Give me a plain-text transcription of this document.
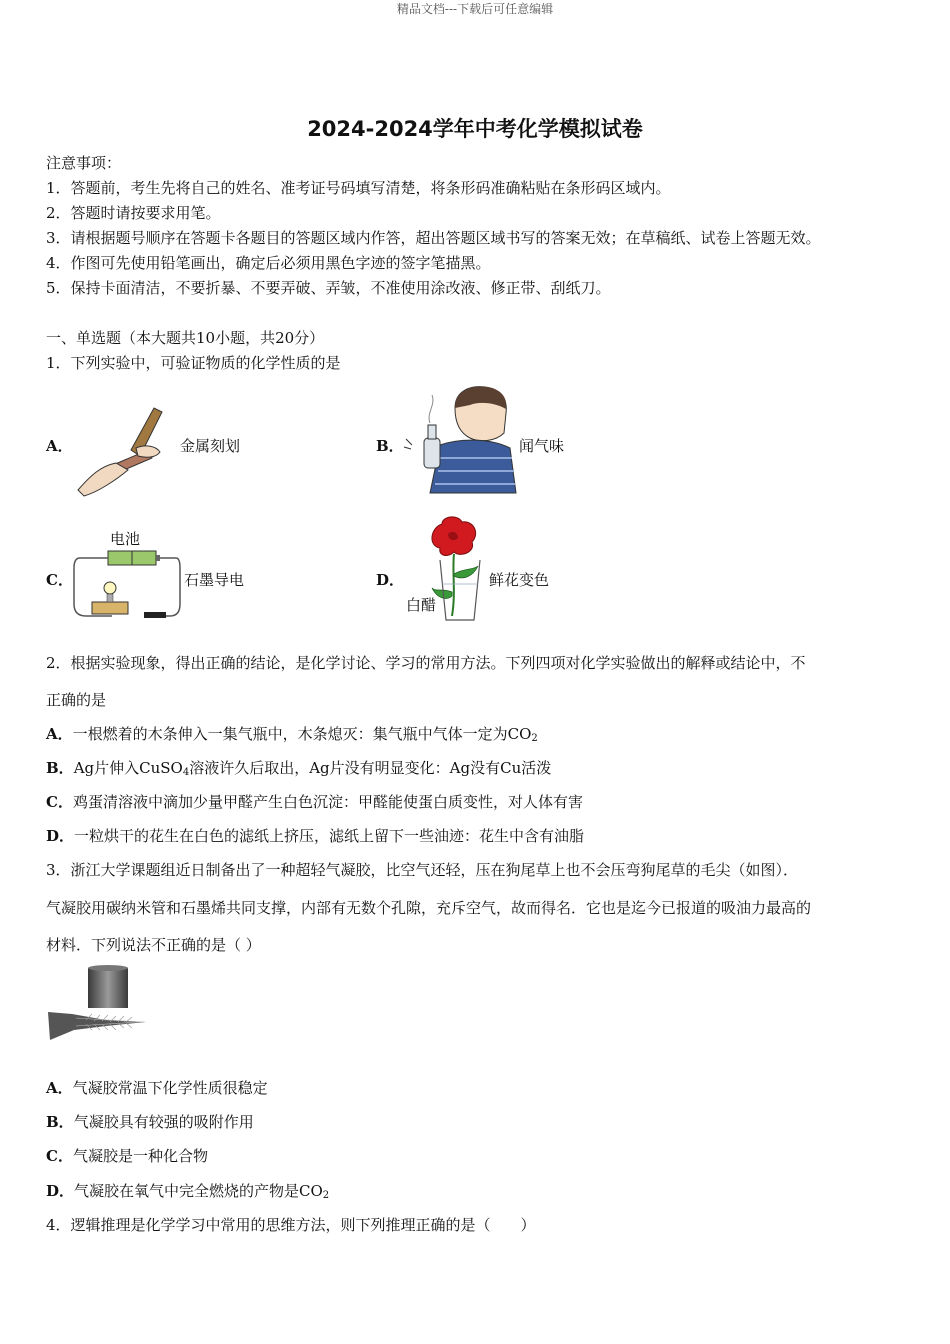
精品文档---下载后可任意编辑
2024-2024学年中考化学模拟试卷
注意事项：
1．答题前，考生先将自己的姓名、准考证号码填写清楚，将条形码准确粘贴在条形码区域内。
2．答题时请按要求用笔。
3．请根据题号顺序在答题卡各题目的答题区域内作答，超出答题区域书写的答案无效；在草稿纸、试卷上答题无效。
4．作图可先使用铅笔画出，确定后必须用黑色字迹的签字笔描黑。
5．保持卡面清洁，不要折暴、不要弄破、弄皱，不准使用涂改液、修正带、刮纸刀。
一、单选题（本大题共10小题，共20分）
1．下列实验中，可验证物质的化学性质的是
A．	金属刻划	B．	闻气味
C．
电池
石墨导电	D．
白醋
鲜花变色
2．根据实验现象，得出正确的结论，是化学讨论、学习的常用方法。下列四项对化学实验做出的解释或结论中，不
正确的是
A．一根燃着的木条伸入一集气瓶中，木条熄灭：集气瓶中气体一定为$CO_2$
B．Ag片伸入CuSO$_4$溶液许久后取出，Ag片没有明显变化：Ag没有Cu活泼
C．鸡蛋清溶液中滴加少量甲醛产生白色沉淀：甲醛能使蛋白质变性，对人体有害
D．一粒烘干的花生在白色的滤纸上挤压，滤纸上留下一些油迹：花生中含有油脂
3．浙江大学课题组近日制备出了一种超轻气凝胶，比空气还轻，压在狗尾草上也不会压弯狗尾草的毛尖（如图）．
气凝胶用碳纳米管和石墨烯共同支撑，内部有无数个孔隙，充斥空气，故而得名．它也是迄今已报道的吸油力最高的
材料．下列说法不正确的是（ ）
A．气凝胶常温下化学性质很稳定
B．气凝胶具有较强的吸附作用
C．气凝胶是一种化合物
D．气凝胶在氧气中完全燃烧的产物是$CO_2$
4．逻辑推理是化学学习中常用的思维方法，则下列推理正确的是（　　）
